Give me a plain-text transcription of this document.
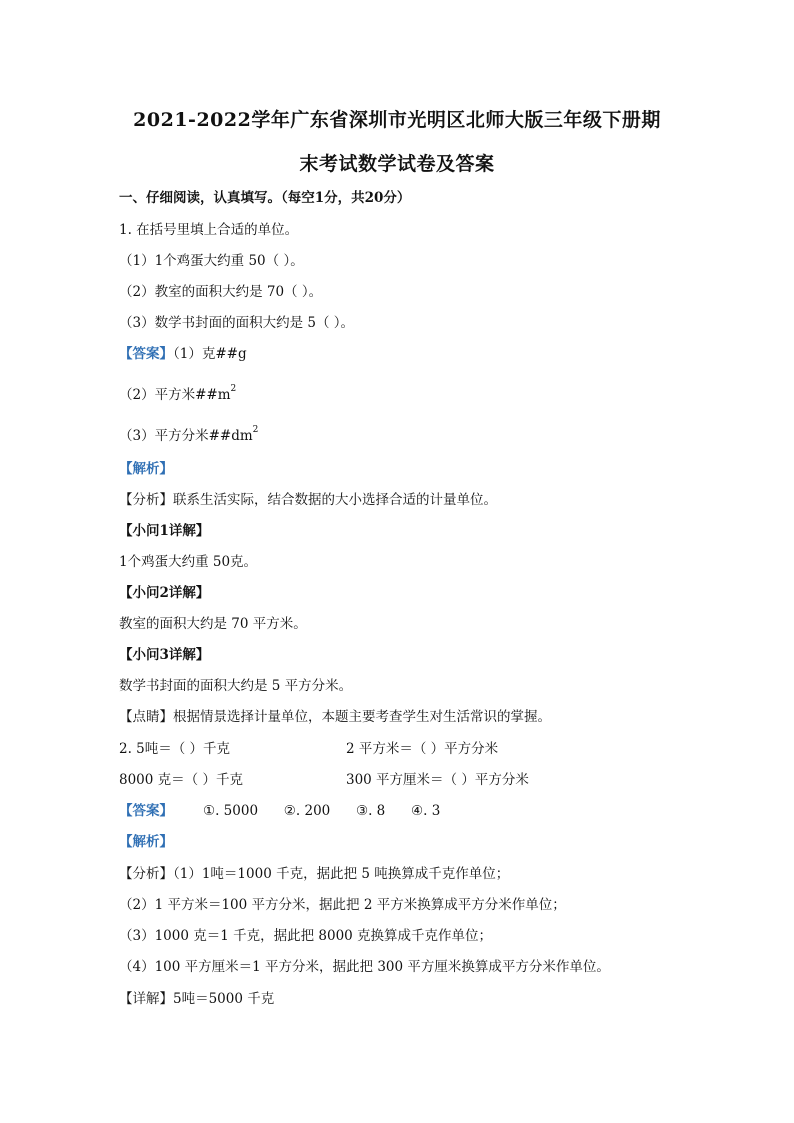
2021-2022学年广东省深圳市光明区北师大版三年级下册期
末考试数学试卷及答案
一、仔细阅读，认真填写。（每空1分，共20分）
1. 在括号里填上合适的单位。
（1）1个鸡蛋大约重 50（ ）。
（2）教室的面积大约是 70（ ）。
（3）数学书封面的面积大约是 5（ ）。
【答案】（1）克##g
（2）平方米$\#\#m^2$
（3）平方分米$\#\#dm^2$
【解析】
【分析】联系生活实际，结合数据的大小选择合适的计量单位。
【小问1详解】
1个鸡蛋大约重 50克。
【小问2详解】
教室的面积大约是 70 平方米。
【小问3详解】
数学书封面的面积大约是 5 平方分米。
【点睛】根据情景选择计量单位，本题主要考查学生对生活常识的掌握。
2. 5吨＝（ ）千克	2 平方米＝（ ）平方分米
8000 克＝（ ）千克	300 平方厘米＝（ ）平方分米
【答案】 ①. 5000      ②. 200      ③. 8      ④. 3
【解析】
【分析】（1）1吨＝1000 千克，据此把 5 吨换算成千克作单位；
（2）1 平方米＝100 平方分米，据此把 2 平方米换算成平方分米作单位；
（3）1000 克＝1 千克，据此把 8000 克换算成千克作单位；
（4）100 平方厘米＝1 平方分米，据此把 300 平方厘米换算成平方分米作单位。
【详解】5吨＝5000 千克
